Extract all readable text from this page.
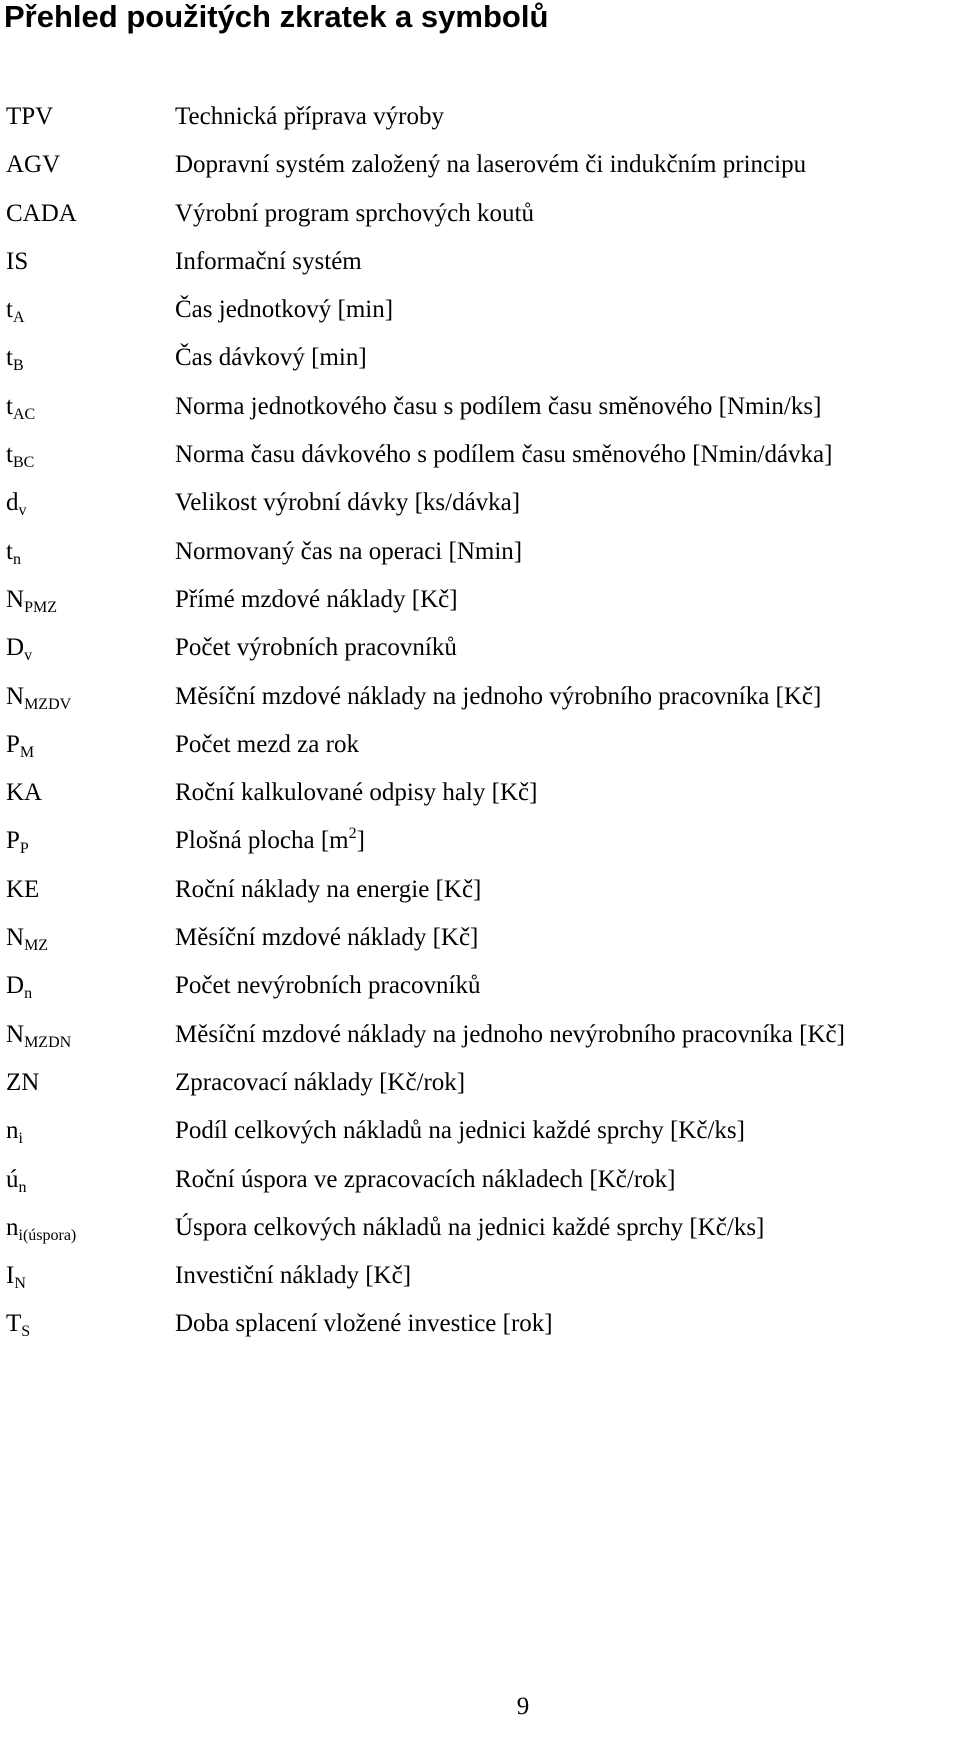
Přehled použitých zkratek a symbolů
TPV	Technická příprava výroby
AGV	Dopravní systém založený na laserovém či indukčním principu
CADA	Výrobní program sprchových koutů
IS	Informační systém
$t_A$	Čas jednotkový [min]
$t_B$	Čas dávkový [min]
$t_{AC}$	Norma jednotkového času s podílem času směnového [Nmin/ks]
$t_{BC}$	Norma času dávkového s podílem času směnového [Nmin/dávka]
$d_v$	Velikost výrobní dávky [ks/dávka]
$t_n$	Normovaný čas na operaci [Nmin]
$N_{PMZ}$	Přímé mzdové náklady [Kč]
$D_v$	Počet výrobních pracovníků
$N_{MZDV}$	Měsíční mzdové náklady na jednoho výrobního pracovníka [Kč]
$P_M$	Počet mezd za rok
KA	Roční kalkulované odpisy haly [Kč]
$P_P$	Plošná plocha $[m^2]$
KE	Roční náklady na energie [Kč]
$N_{MZ}$	Měsíční mzdové náklady [Kč]
$D_n$	Počet nevýrobních pracovníků
$N_{MZDN}$	Měsíční mzdové náklady na jednoho nevýrobního pracovníka [Kč]
ZN	Zpracovací náklady [Kč/rok]
$n_i$	Podíl celkových nákladů na jednici každé sprchy [Kč/ks]
$ú_n$	Roční úspora ve zpracovacích nákladech [Kč/rok]
$n_{i(úspora)}$	Úspora celkových nákladů na jednici každé sprchy [Kč/ks]
$I_N$	Investiční náklady [Kč]
$T_S$	Doba splacení vložené investice [rok]
9
